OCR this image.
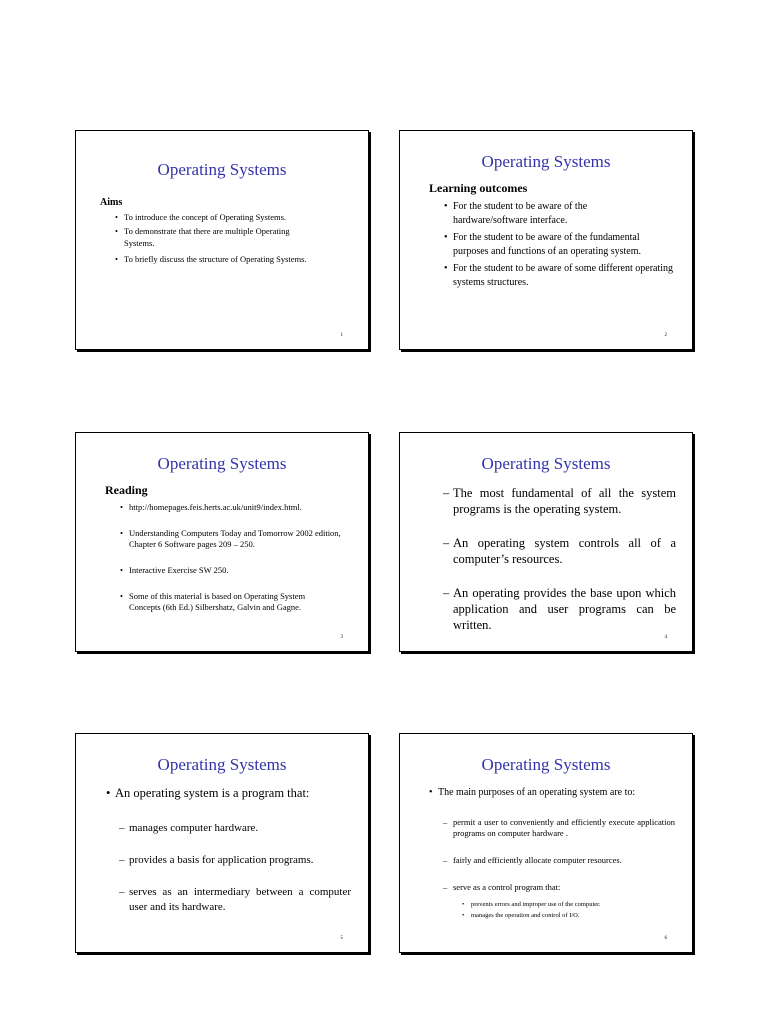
Operating Systems
Aims
• To introduce the concept of Operating Systems.
• To demonstrate that there are multiple Operating Systems.
• To briefly discuss the structure of Operating Systems.
1
Operating Systems
Learning outcomes
• For the student to be aware of the hardware/software interface.
• For the student to be aware of the fundamental purposes and functions of an operating system.
• For the student to be aware of some different operating systems structures.
2
Operating Systems
Reading
• http://homepages.feis.herts.ac.uk/unit9/index.html.
• Understanding Computers Today and Tomorrow 2002 edition, Chapter 6 Software pages 209 – 250.
• Interactive Exercise SW 250.
• Some of this material is based on Operating System Concepts (6th Ed.) Silbershatz, Galvin and Gagne.
3
Operating Systems
– The most fundamental of all the system programs is the operating system.
– An operating system controls all of a computer’s resources.
– An operating provides the base upon which application and user programs can be written.
4
Operating Systems
• An operating system is a program that:
– manages computer hardware.
– provides a basis for application programs.
– serves as an intermediary between a computer user and its hardware.
5
Operating Systems
• The main purposes of an operating system are to:
– permit a user to conveniently and efficiently execute application programs on computer hardware .
– fairly and efficiently allocate computer resources.
– serve as a control program that:
• prevents errors and improper use of the computer.
• manages the operation and control of I/O.
6
